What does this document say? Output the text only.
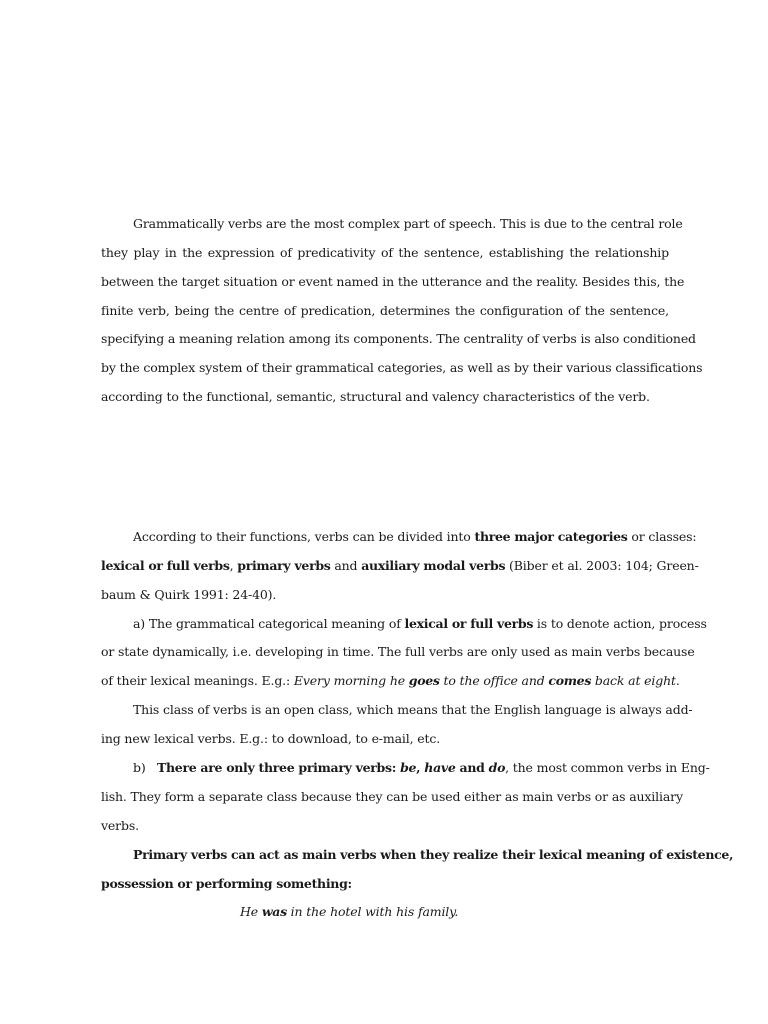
Grammatically verbs are the most complex part of speech. This is due to the central role
they play in the expression of predicativity of the sentence, establishing the relationship
between the target situation or event named in the utterance and the reality. Besides this, the
finite verb, being the centre of predication, determines the configuration of the sentence,
specifying a meaning relation among its components. The centrality of verbs is also conditioned
by the complex system of their grammatical categories, as well as by their various classifications
according to the functional, semantic, structural and valency characteristics of the verb.
According to their functions, verbs can be divided into three major categories or classes:
lexical or full verbs, primary verbs and auxiliary modal verbs (Biber et al. 2003: 104; Green-
baum & Quirk 1991: 24-40).
a) The grammatical categorical meaning of lexical or full verbs is to denote action, process
or state dynamically, i.e. developing in time. The full verbs are only used as main verbs because
of their lexical meanings. E.g.: Every morning he goes to the office and comes back at eight.
This class of verbs is an open class, which means that the English language is always add-
ing new lexical verbs. E.g.: to download, to e-mail, etc.
b) There are only three primary verbs: be, have and do, the most common verbs in Eng-
lish. They form a separate class because they can be used either as main verbs or as auxiliary
verbs.
Primary verbs can act as main verbs when they realize their lexical meaning of existence,
possession or performing something:
He was in the hotel with his family.
